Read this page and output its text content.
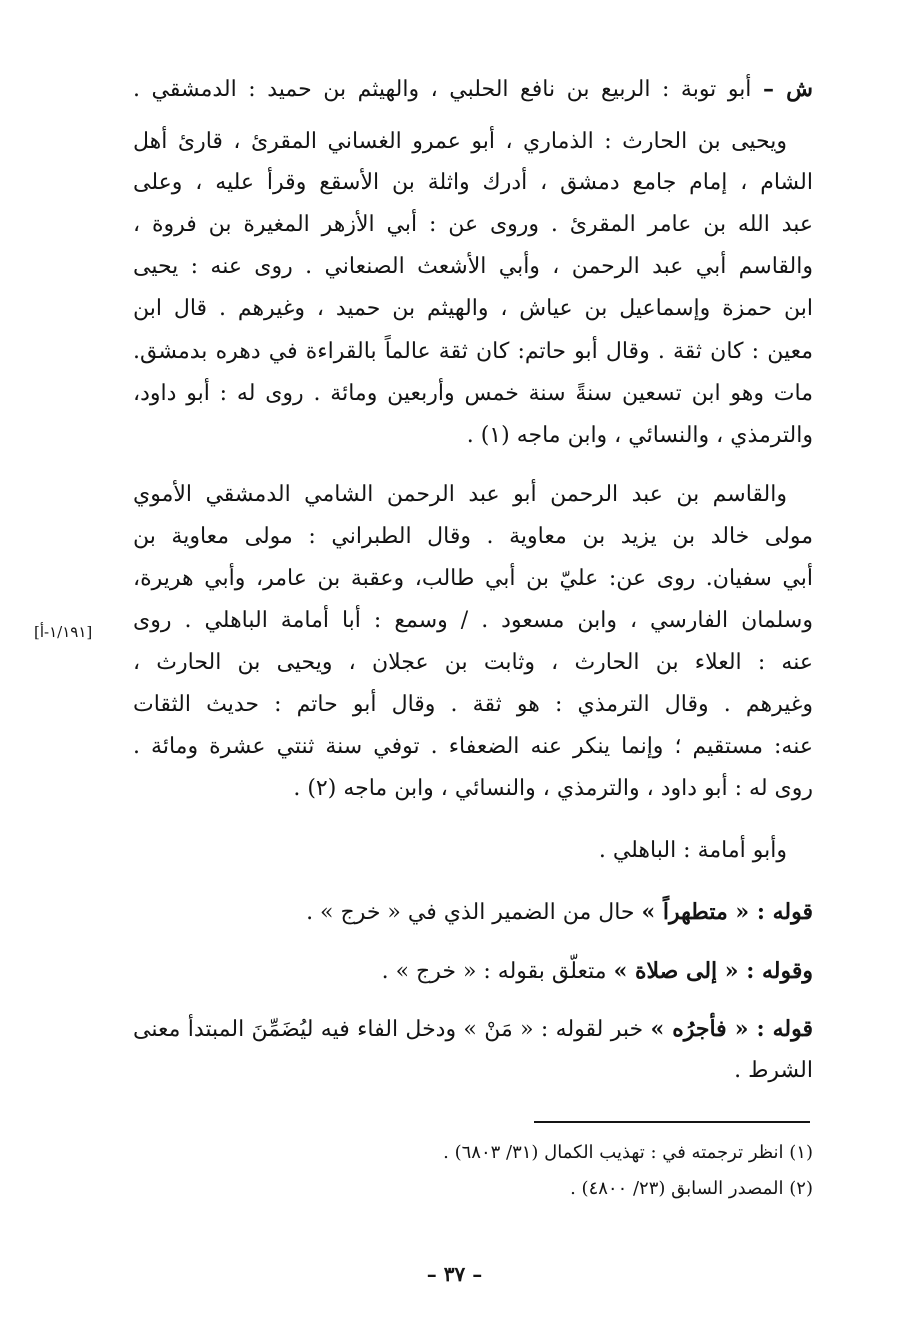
ش – أبو توبة : الربيع بن نافع الحلبي ، والهيثم بن حميد : الدمشقي .
ويحيى بن الحارث : الذماري ، أبو عمرو الغساني المقرئ ، قارئ أهل
الشام ، إمام جامع دمشق ، أدرك واثلة بن الأسقع وقرأ عليه ، وعلى
عبد الله بن عامر المقرئ . وروى عن : أبي الأزهر المغيرة بن فروة ،
والقاسم أبي عبد الرحمن ، وأبي الأشعث الصنعاني . روى عنه : يحيى
ابن حمزة وإسماعيل بن عياش ، والهيثم بن حميد ، وغيرهم . قال ابن
معين : كان ثقة . وقال أبو حاتم: كان ثقة عالماً بالقراءة في دهره بدمشق.
مات وهو ابن تسعين سنةً سنة خمس وأربعين ومائة . روى له : أبو داود،
والترمذي ، والنسائي ، وابن ماجه (١) .
والقاسم بن عبد الرحمن أبو عبد الرحمن الشامي الدمشقي الأموي
مولى خالد بن يزيد بن معاوية . وقال الطبراني : مولى معاوية بن
أبي سفيان. روى عن: عليّ بن أبي طالب، وعقبة بن عامر، وأبي هريرة،
وسلمان الفارسي ، وابن مسعود . / وسمع : أبا أمامة الباهلي . روى
عنه : العلاء بن الحارث ، وثابت بن عجلان ، ويحيى بن الحارث ،
وغيرهم . وقال الترمذي : هو ثقة . وقال أبو حاتم : حديث الثقات
عنه: مستقيم ؛ وإنما ينكر عنه الضعفاء . توفي سنة ثنتي عشرة ومائة .
روى له : أبو داود ، والترمذي ، والنسائي ، وابن ماجه (٢) .
[١/١٩١-أ]
وأبو أمامة : الباهلي .
قوله : « متطهراً » حال من الضمير الذي في « خرج » .
وقوله : « إلى صلاة » متعلّق بقوله : « خرج » .
قوله : « فأجرُه » خبر لقوله : « مَنْ » ودخل الفاء فيه ليُضَمِّنَ المبتدأ معنى
الشرط .
(١) انظر ترجمته في : تهذيب الكمال (٣١/ ٦٨٠٣) .
(٢) المصدر السابق (٢٣/ ٤٨٠٠) .
– ٣٧ –
